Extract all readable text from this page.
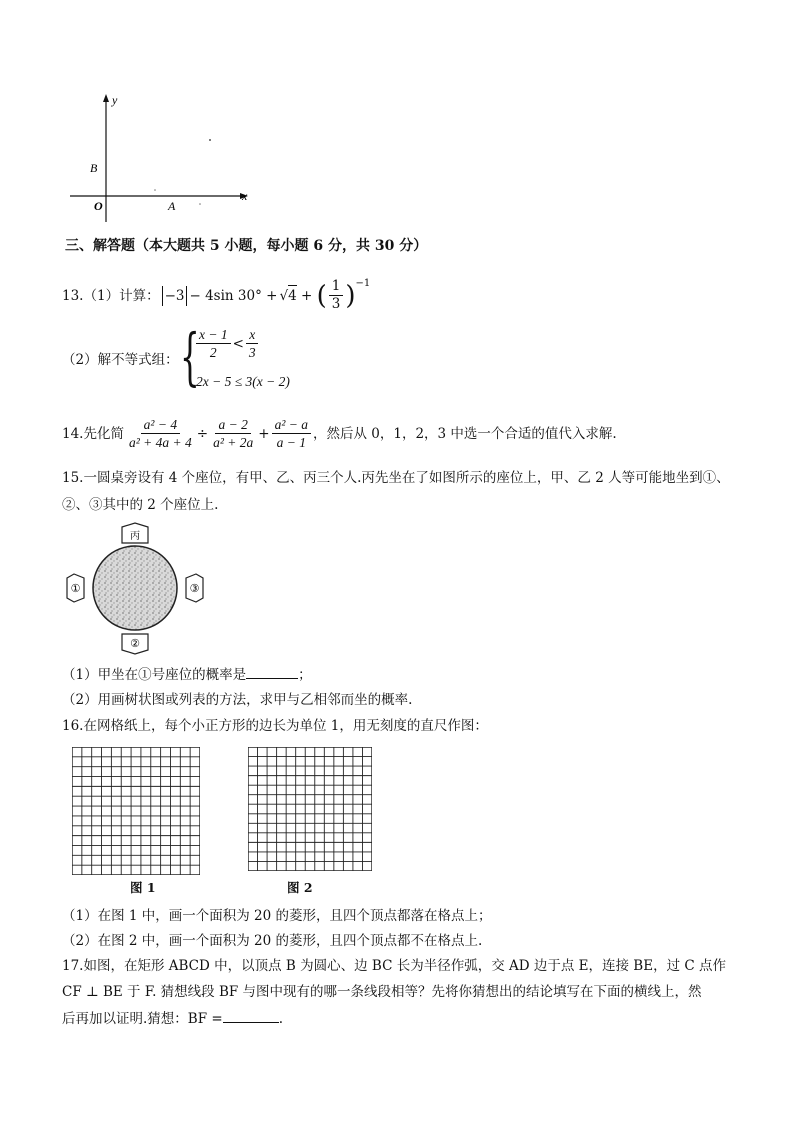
y
x
B
O	A
三、解答题（本大题共 5 小题，每小题 6 分，共 30 分）
13. （1）计算： −3 − 4sin 30° + √ 4 + ( $\frac{1}{3}$ ) −1
（2）解不等式组： {
$\frac{x - 1}{2} < \frac{x}{3}$
2x − 5 ≤ 3(x − 2)
14.先化简 $\frac{\text{a² − 4}}{\text{a² + 4a + 4}} \div \frac{a - 2}{\text{a² + 2a}} + \frac{\text{a² − a}}{a - 1}$ ，然后从 0，1，2，3 中选一个合适的值代入求解.
15.一圆桌旁设有 4 个座位，有甲、乙、丙三个人.丙先坐在了如图所示的座位上，甲、乙 2 人等可能地坐到①、
②、③其中的 2 个座位上.
丙
①	③
②
（1）甲坐在①号座位的概率是	；
（2）用画树状图或列表的方法，求甲与乙相邻而坐的概率.
16.在网格纸上，每个小正方形的边长为单位 1，用无刻度的直尺作图：
图 1	图 2
（1）在图 1 中，画一个面积为 20 的菱形，且四个顶点都落在格点上；
（2）在图 2 中，画一个面积为 20 的菱形，且四个顶点都不在格点上.
17.如图，在矩形 ABCD 中，以顶点 B 为圆心、边 BC 长为半径作弧，交 AD 边于点 E，连接 BE，过 C 点作
CF ⊥ BE 于 F. 猜想线段 BF 与图中现有的哪一条线段相等？先将你猜想出的结论填写在下面的横线上，然
后再加以证明.猜想：BF =	.
